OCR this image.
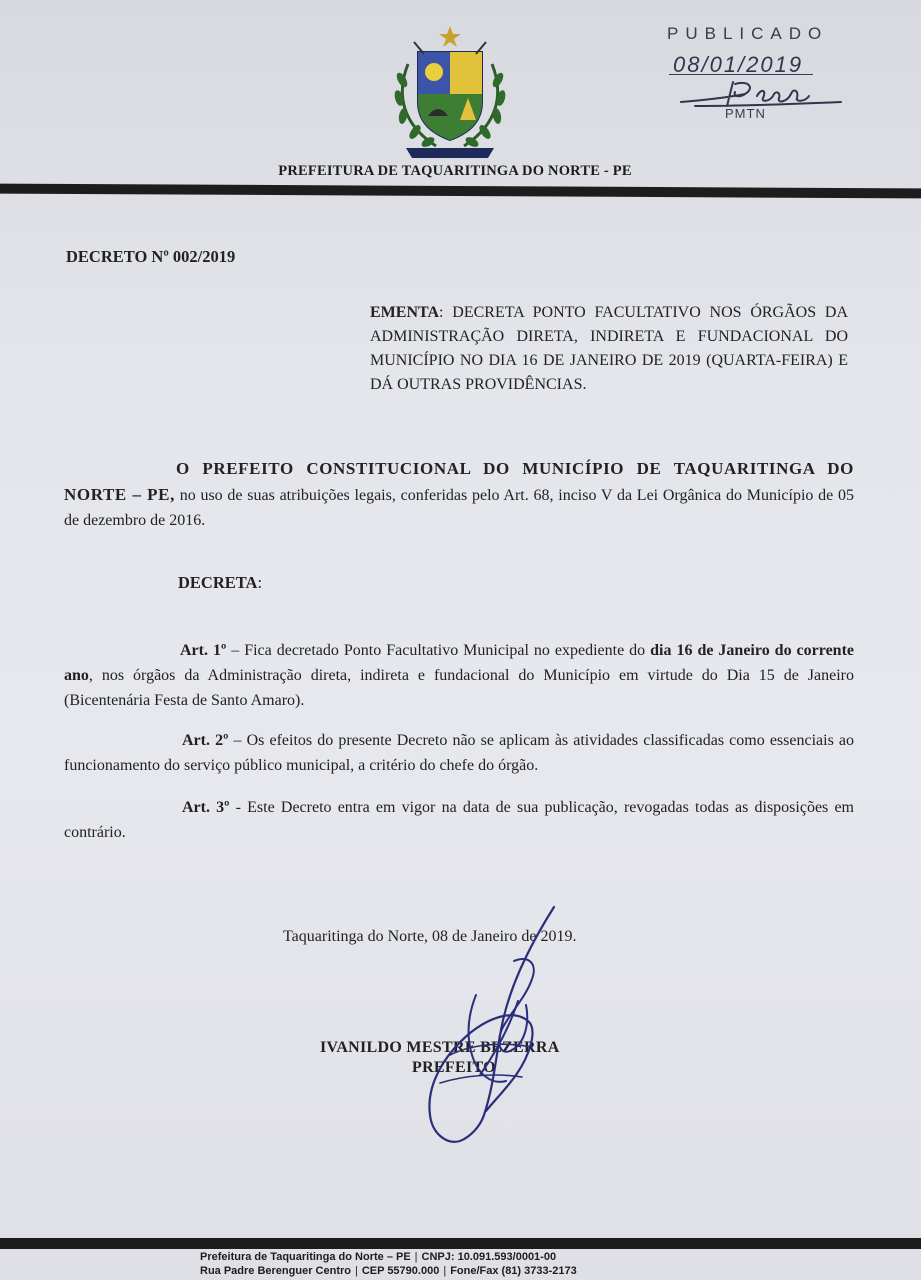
PREFEITURA DE TAQUARITINGA DO NORTE - PE
PUBLICADO
08/01/2019
PMTN
DECRETO Nº 002/2019
EMENTA: DECRETA PONTO FACULTATIVO NOS ÓRGÃOS DA ADMINISTRAÇÃO DIRETA, INDIRETA E FUNDACIONAL DO MUNICÍPIO NO DIA 16 DE JANEIRO DE 2019 (QUARTA-FEIRA) E DÁ OUTRAS PROVIDÊNCIAS.
O PREFEITO CONSTITUCIONAL DO MUNICÍPIO DE TAQUARITINGA DO NORTE – PE, no uso de suas atribuições legais, conferidas pelo Art. 68, inciso V da Lei Orgânica do Município de 05 de dezembro de 2016.
DECRETA:
Art. 1º – Fica decretado Ponto Facultativo Municipal no expediente do dia 16 de Janeiro do corrente ano, nos órgãos da Administração direta, indireta e fundacional do Município em virtude do Dia 15 de Janeiro (Bicentenária Festa de Santo Amaro).
Art. 2º – Os efeitos do presente Decreto não se aplicam às atividades classificadas como essenciais ao funcionamento do serviço público municipal, a critério do chefe do órgão.
Art. 3º - Este Decreto entra em vigor na data de sua publicação, revogadas todas as disposições em contrário.
Taquaritinga do Norte, 08 de Janeiro de 2019.
IVANILDO MESTRE BEZERRA
PREFEITO
Prefeitura de Taquaritinga do Norte – PE | CNPJ: 10.091.593/0001-00
Rua Padre Berenguer Centro | CEP 55790.000 | Fone/Fax (81) 3733-2173
